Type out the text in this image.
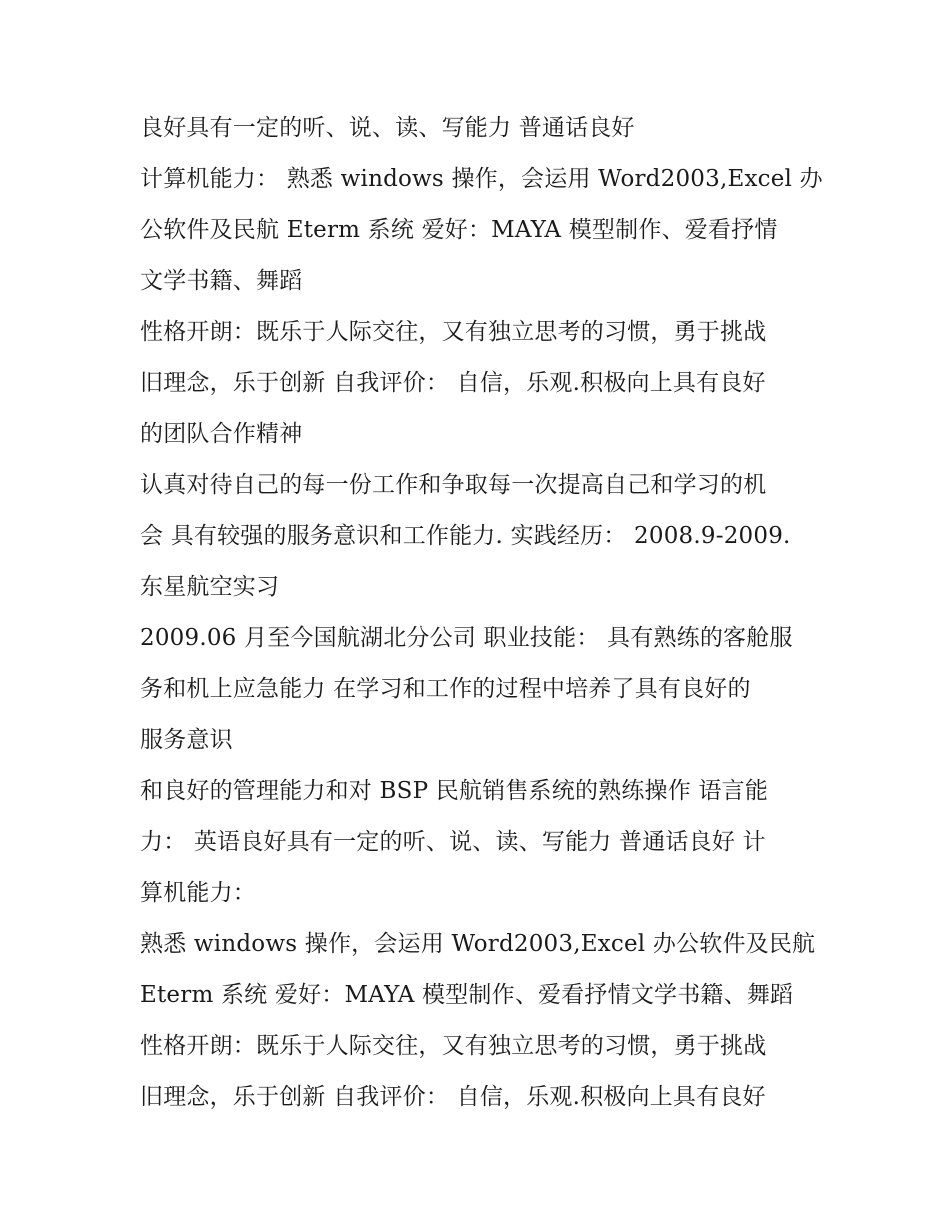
良好具有一定的听、说、读、写能力 普通话良好
计算机能力： 熟悉 windows 操作，会运用 Word2003,Excel 办
公软件及民航 Eterm 系统 爱好：MAYA 模型制作、爱看抒情
文学书籍、舞蹈
性格开朗：既乐于人际交往，又有独立思考的习惯，勇于挑战
旧理念，乐于创新 自我评价： 自信，乐观.积极向上具有良好
的团队合作精神
认真对待自己的每一份工作和争取每一次提高自己和学习的机
会 具有较强的服务意识和工作能力. 实践经历： 2008.9-2009.
东星航空实习
2009.06 月至今国航湖北分公司 职业技能： 具有熟练的客舱服
务和机上应急能力 在学习和工作的过程中培养了具有良好的
服务意识
和良好的管理能力和对 BSP 民航销售系统的熟练操作 语言能
力： 英语良好具有一定的听、说、读、写能力 普通话良好 计
算机能力：
熟悉 windows 操作，会运用 Word2003,Excel 办公软件及民航
Eterm 系统 爱好：MAYA 模型制作、爱看抒情文学书籍、舞蹈
性格开朗：既乐于人际交往，又有独立思考的习惯，勇于挑战
旧理念，乐于创新 自我评价： 自信，乐观.积极向上具有良好
